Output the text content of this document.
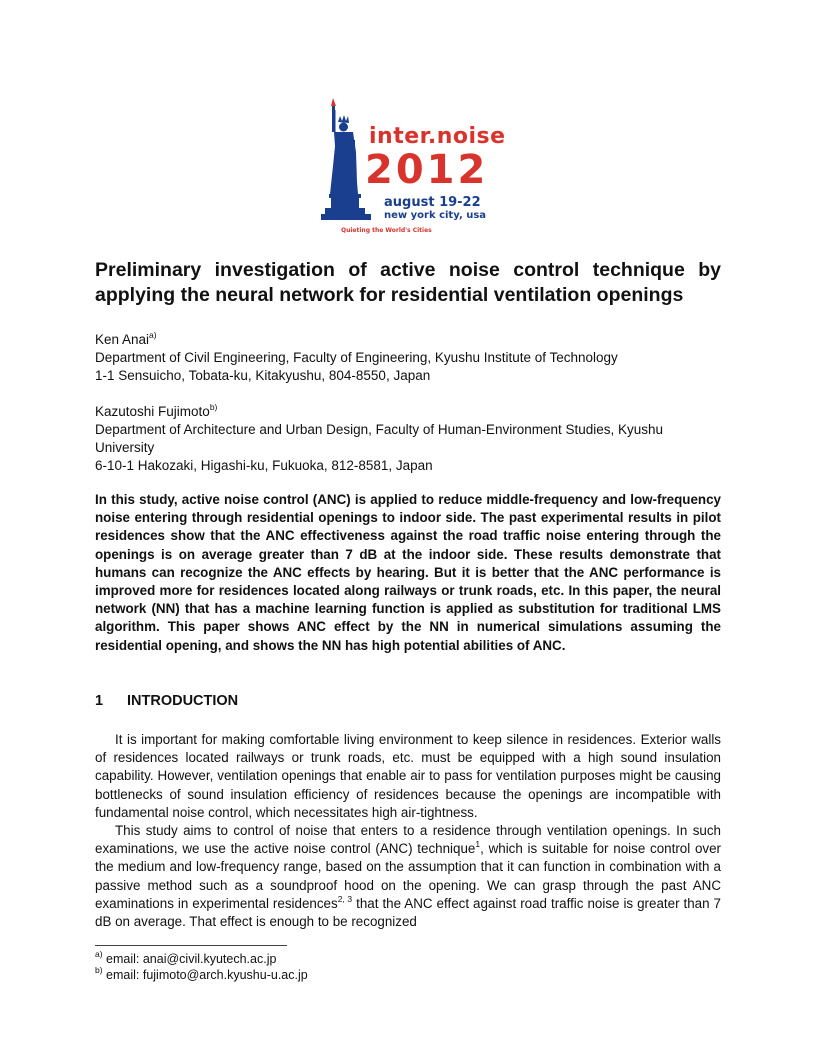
inter.noise
2012
august 19-22
new york city, usa
Quieting the World's Cities
Preliminary investigation of active noise control technique by
applying the neural network for residential ventilation openings

Ken Anai$^{a)}$

Department of Civil Engineering, Faculty of Engineering, Kyushu Institute of Technology

1-1 Sensuicho, Tobata-ku, Kitakyushu, 804-8550, Japan

Kazutoshi Fujimoto$^{b)}$

Department of Architecture and Urban Design, Faculty of Human-Environment Studies, Kyushu University

6-10-1 Hakozaki, Higashi-ku, Fukuoka, 812-8581, Japan

In this study, active noise control (ANC) is applied to reduce middle-frequency and low-frequency noise entering through residential openings to indoor side. The past experimental results in pilot residences show that the ANC effectiveness against the road traffic noise entering through the openings is on average greater than 7 dB at the indoor side. These results demonstrate that humans can recognize the ANC effects by hearing. But it is better that the ANC performance is improved more for residences located along railways or trunk roads, etc. In this paper, the neural network (NN) that has a machine learning function is applied as substitution for traditional LMS algorithm. This paper shows ANC effect by the NN in numerical simulations assuming the residential opening, and shows the NN has high potential abilities of ANC.

1 INTRODUCTION

It is important for making comfortable living environment to keep silence in residences. Exterior walls of residences located railways or trunk roads, etc. must be equipped with a high sound insulation capability. However, ventilation openings that enable air to pass for ventilation purposes might be causing bottlenecks of sound insulation efficiency of residences because the openings are incompatible with fundamental noise control, which necessitates high air-tightness.

This study aims to control of noise that enters to a residence through ventilation openings. In such examinations, we use the active noise control (ANC) technique$^1$, which is suitable for noise control over the medium and low-frequency range, based on the assumption that it can function in combination with a passive method such as a soundproof hood on the opening. We can grasp through the past ANC examinations in experimental residences$^{2, 3}$ that the ANC effect against road traffic noise is greater than 7 dB on average. That effect is enough to be recognized

$^{a)}$ email: anai@civil.kyutech.ac.jp

$^{b)}$ email: fujimoto@arch.kyushu-u.ac.jp
